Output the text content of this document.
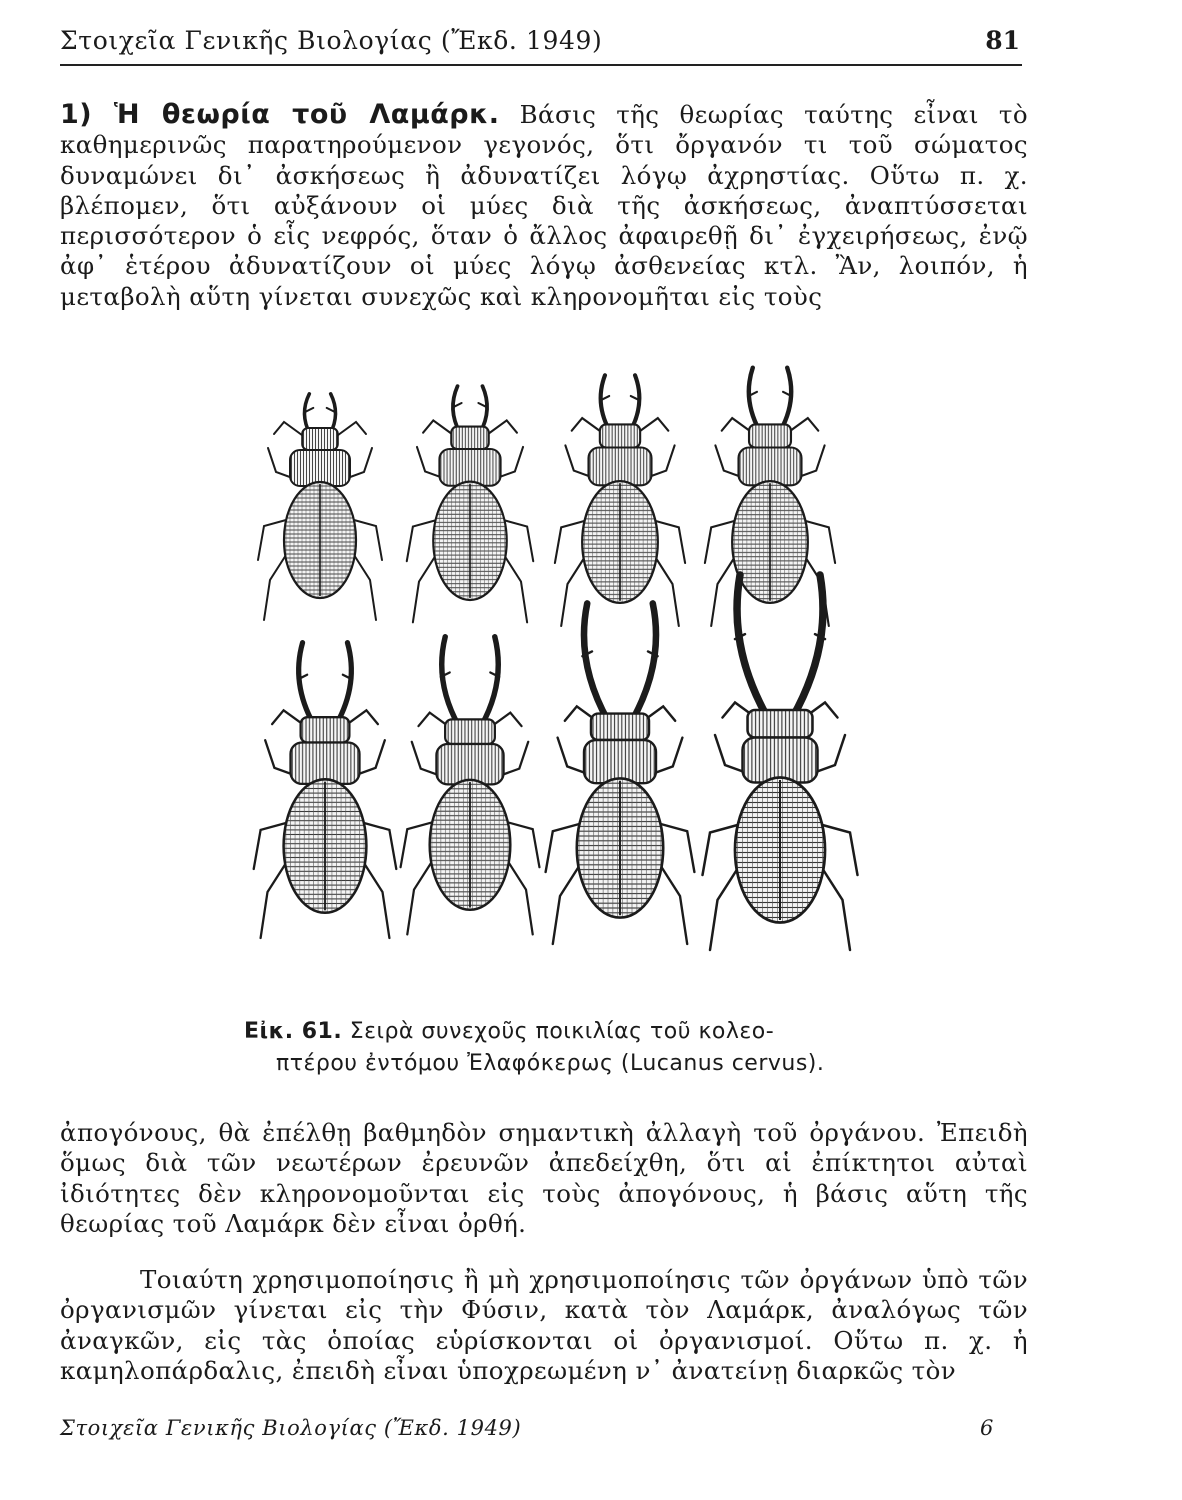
Στοιχεῖα Γενικῆς Βιολογίας (Ἔκδ. 1949)	81
1) Ἡ θεωρία τοῦ Λαμάρκ. Βάσις τῆς θεωρίας ταύτης εἶναι τὸ καθημερινῶς παρατηρούμενον γεγονός, ὅτι ὄργανόν τι τοῦ σώματος δυναμώνει δι᾿ ἀσκήσεως ἢ ἀδυνατίζει λόγῳ ἀχρηστίας. Οὕτω π. χ. βλέπομεν, ὅτι αὐξάνουν οἱ μύες διὰ τῆς ἀσκήσεως, ἀναπτύσσεται περισσότερον ὁ εἷς νεφρός, ὅταν ὁ ἄλλος ἀφαιρεθῇ δι᾿ ἐγχειρήσεως, ἐνῷ ἀφ᾿ ἑτέρου ἀδυνατίζουν οἱ μύες λόγῳ ἀσθενείας κτλ. Ἂν, λοιπόν, ἡ μεταβολὴ αὕτη γίνεται συνεχῶς καὶ κληρονομῆται εἰς τοὺς
Εἰκ. 61. Σειρὰ συνεχοῦς ποικιλίας τοῦ κολεο-
πτέρου ἐντόμου Ἐλαφόκερως (Lucanus cervus).
ἀπογόνους, θὰ ἐπέλθῃ βαθμηδὸν σημαντικὴ ἀλλαγὴ τοῦ ὀργάνου. Ἐπειδὴ ὅμως διὰ τῶν νεωτέρων ἐρευνῶν ἀπεδείχθη, ὅτι αἱ ἐπίκτητοι αὐταὶ ἰδιότητες δὲν κληρονομοῦνται εἰς τοὺς ἀπογόνους, ἡ βάσις αὕτη τῆς θεωρίας τοῦ Λαμάρκ δὲν εἶναι ὀρθή.
Τοιαύτη χρησιμοποίησις ἢ μὴ χρησιμοποίησις τῶν ὀργάνων ὑπὸ τῶν ὀργανισμῶν γίνεται εἰς τὴν Φύσιν, κατὰ τὸν Λαμάρκ, ἀναλόγως τῶν ἀναγκῶν, εἰς τὰς ὁποίας εὑρίσκονται οἱ ὀργανισμοί. Οὕτω π. χ. ἡ καμηλοπάρδαλις, ἐπειδὴ εἶναι ὑποχρεωμένη ν᾿ ἀνατείνῃ διαρκῶς τὸν
Στοιχεῖα Γενικῆς Βιολογίας (Ἔκδ. 1949)	6
